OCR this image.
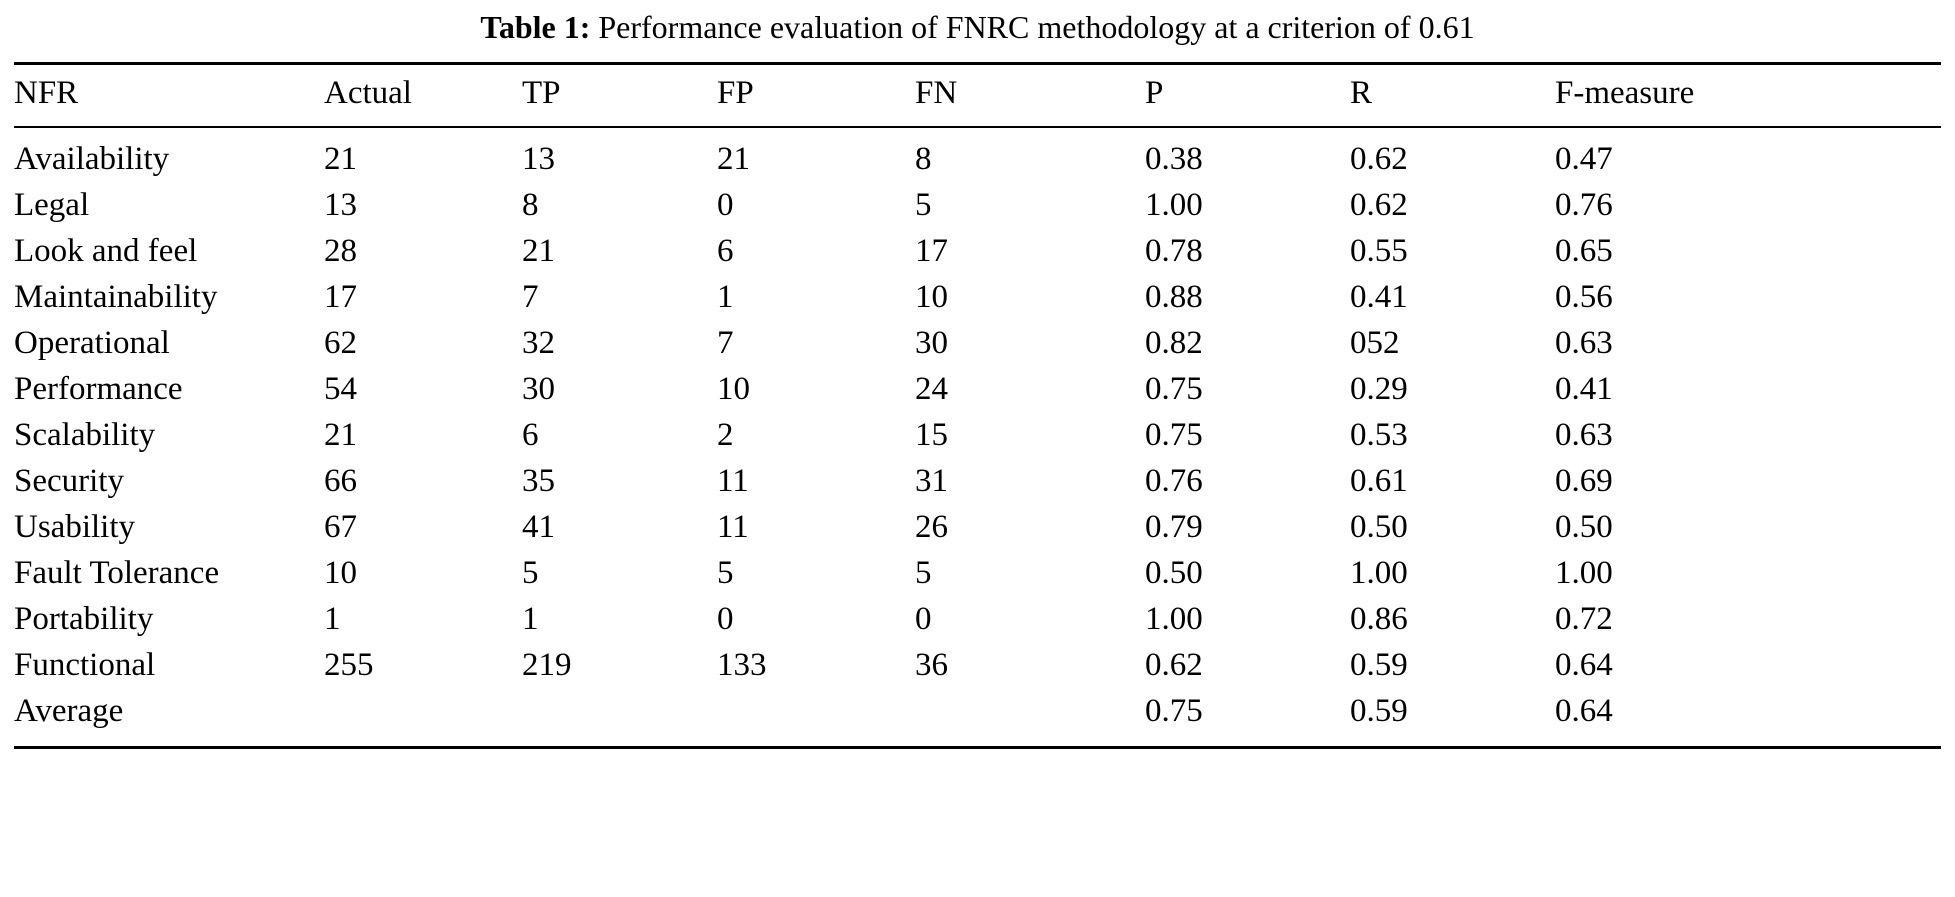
Table 1: Performance evaluation of FNRC methodology at a criterion of 0.61
NFR	Actual	TP	FP	FN	P	R	F-measure
Availability	21	13	21	8	0.38	0.62	0.47
Legal	13	8	0	5	1.00	0.62	0.76
Look and feel	28	21	6	17	0.78	0.55	0.65
Maintainability	17	7	1	10	0.88	0.41	0.56
Operational	62	32	7	30	0.82	052	0.63
Performance	54	30	10	24	0.75	0.29	0.41
Scalability	21	6	2	15	0.75	0.53	0.63
Security	66	35	11	31	0.76	0.61	0.69
Usability	67	41	11	26	0.79	0.50	0.50
Fault Tolerance	10	5	5	5	0.50	1.00	1.00
Portability	1	1	0	0	1.00	0.86	0.72
Functional	255	219	133	36	0.62	0.59	0.64
Average					0.75	0.59	0.64
